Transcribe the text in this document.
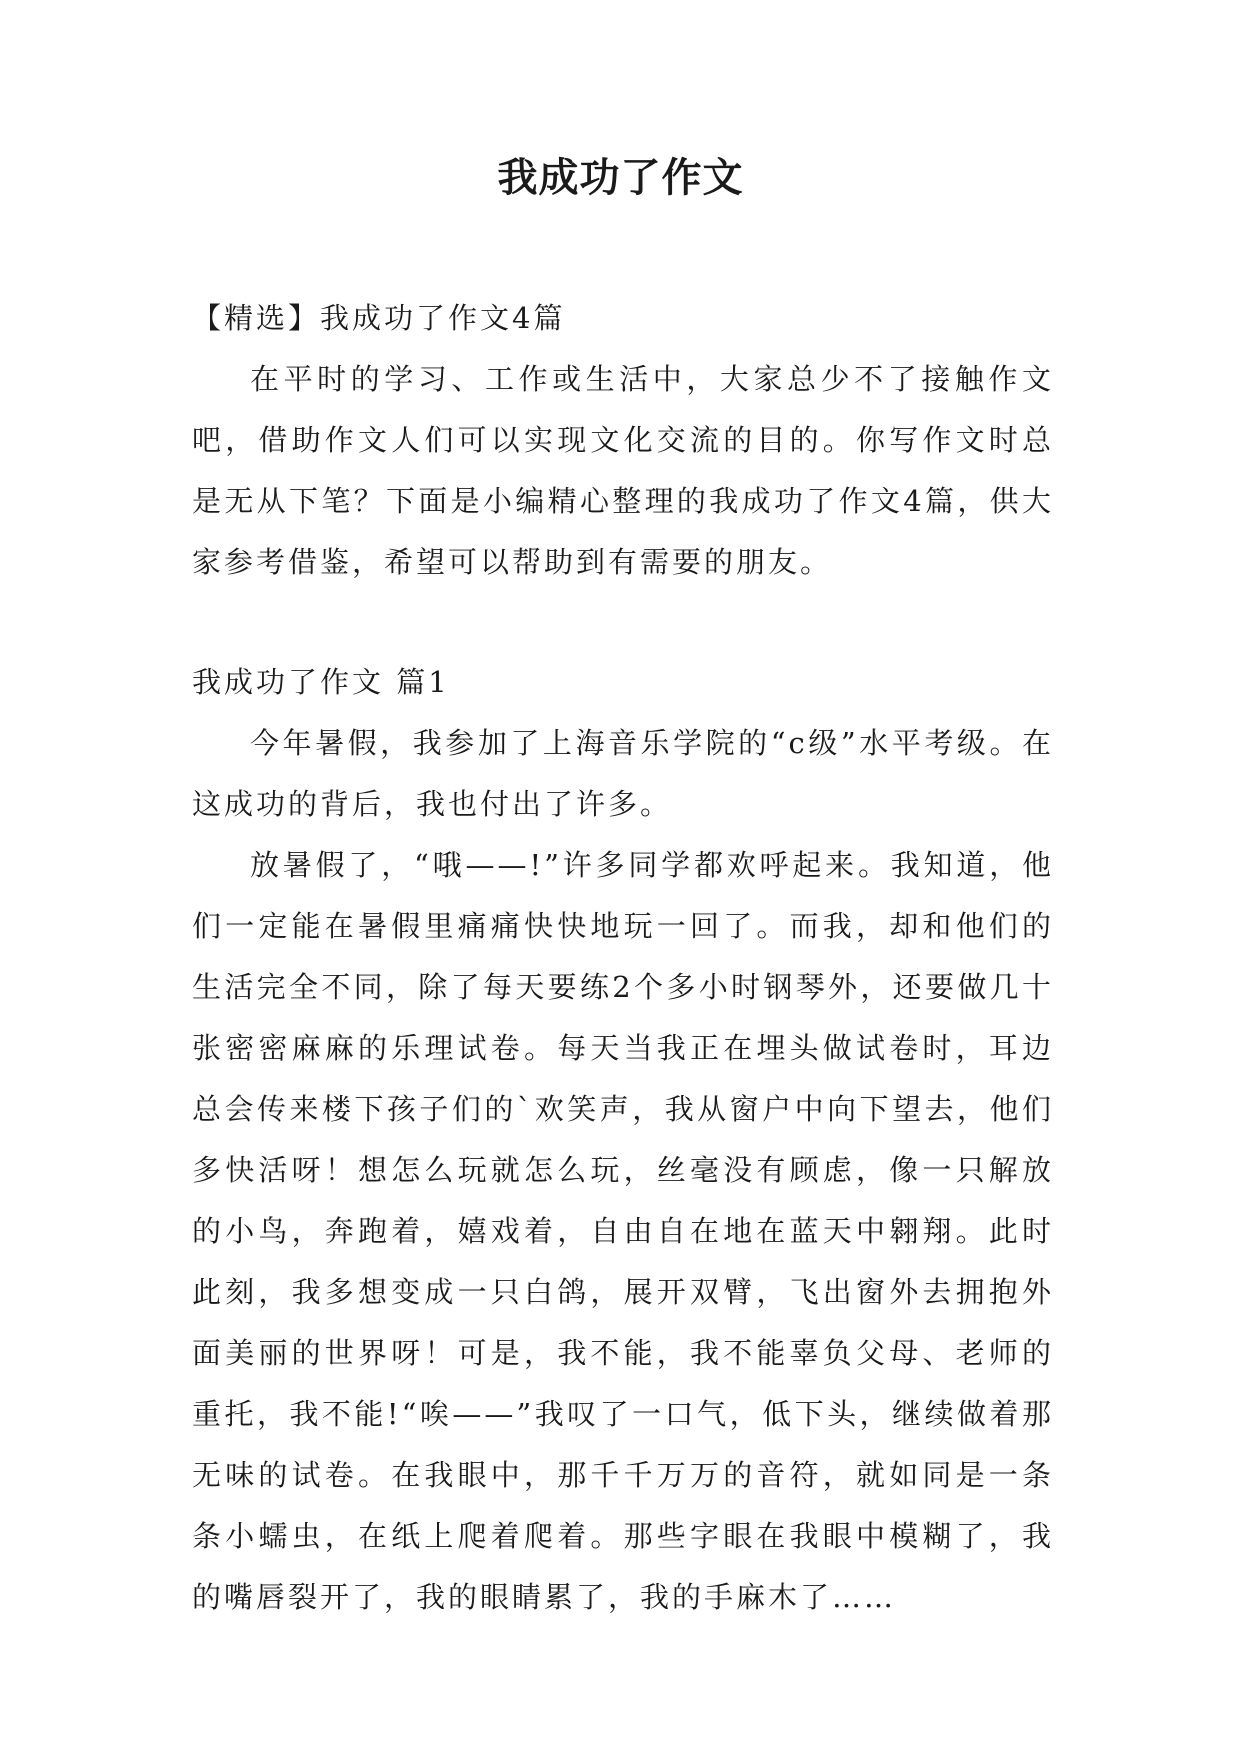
我成功了作文

【精选】我成功了作文4篇

在平时的学习、工作或生活中，大家总少不了接触作文吧，借助作文人们可以实现文化交流的目的。你写作文时总是无从下笔？下面是小编精心整理的我成功了作文4篇，供大家参考借鉴，希望可以帮助到有需要的朋友。

我成功了作文 篇1

今年暑假，我参加了上海音乐学院的“c级”水平考级。在这成功的背后，我也付出了许多。

放暑假了，“哦——!”许多同学都欢呼起来。我知道，他们一定能在暑假里痛痛快快地玩一回了。而我，却和他们的生活完全不同，除了每天要练2个多小时钢琴外，还要做几十张密密麻麻的乐理试卷。每天当我正在埋头做试卷时，耳边总会传来楼下孩子们的`欢笑声，我从窗户中向下望去，他们多快活呀！想怎么玩就怎么玩，丝毫没有顾虑，像一只解放的小鸟，奔跑着，嬉戏着，自由自在地在蓝天中翱翔。此时此刻，我多想变成一只白鸽，展开双臂，飞出窗外去拥抱外面美丽的世界呀！可是，我不能，我不能辜负父母、老师的重托，我不能!“唉——”我叹了一口气，低下头，继续做着那无味的试卷。在我眼中，那千千万万的音符，就如同是一条条小蠕虫，在纸上爬着爬着。那些字眼在我眼中模糊了，我的嘴唇裂开了，我的眼睛累了，我的手麻木了……
